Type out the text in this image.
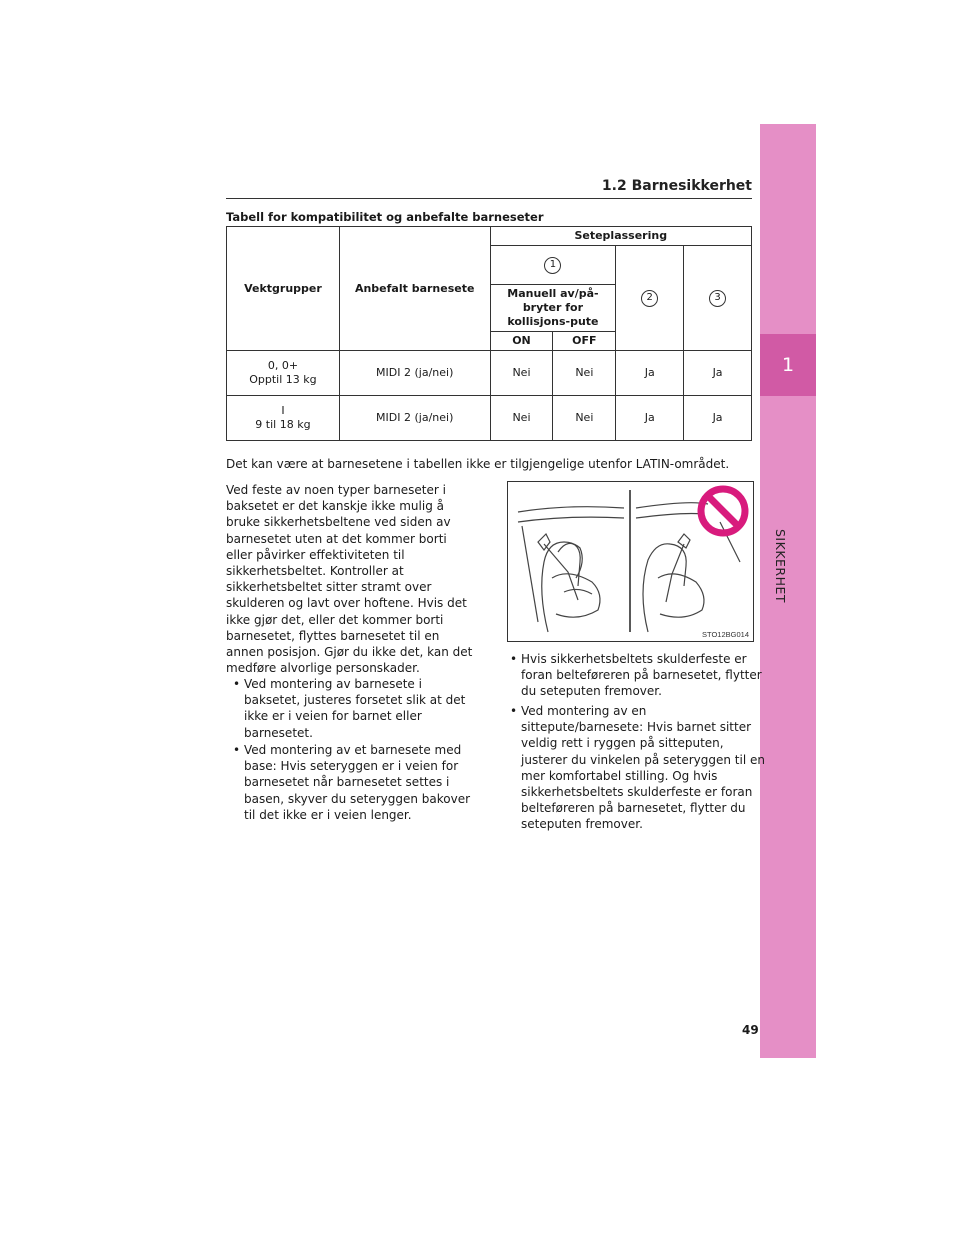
1
SIKKERHET
1.2 Barnesikkerhet
Tabell for kompatibilitet og anbefalte barneseter
Vektgrupper	Anbefalt barnesete	Seteplassering			
		1		2	3
		Manuell av/på-bryter for kollisjons-pute			
		ON	OFF		
0, 0+
Opptil 13 kg	MIDI 2 (ja/nei)	Nei	Nei	Ja	Ja
I
9 til 18 kg	MIDI 2 (ja/nei)	Nei	Nei	Ja	Ja

Det kan være at barnesetene i tabellen ikke er tilgjengelige utenfor LATIN-området.

Ved feste av noen typer barneseter i baksetet er det kanskje ikke mulig å bruke sikkerhetsbeltene ved siden av barnesetet uten at det kommer borti eller påvirker effektiviteten til sikkerhetsbeltet. Kontroller at sikkerhetsbeltet sitter stramt over skulderen og lavt over hoftene. Hvis det ikke gjør det, eller det kommer borti barnesetet, flyttes barnesetet til en annen posisjon. Gjør du ikke det, kan det medføre alvorlige personskader.

• Ved montering av barnesete i baksetet, justeres forsetet slik at det ikke er i veien for barnet eller barnesetet.
• Ved montering av et barnesete med base: Hvis seteryggen er i veien for barnesetet når barnesetet settes i basen, skyver du seteryggen bakover til det ikke er i veien lenger.
STO12BG014
• Hvis sikkerhetsbeltets skulderfeste er foran belteføreren på barnesetet, flytter du seteputen fremover.
• Ved montering av en sittepute/barnesete: Hvis barnet sitter veldig rett i ryggen på sitteputen, justerer du vinkelen på seteryggen til en mer komfortabel stilling. Og hvis sikkerhetsbeltets skulderfeste er foran belteføreren på barnesetet, flytter du seteputen fremover.
49
